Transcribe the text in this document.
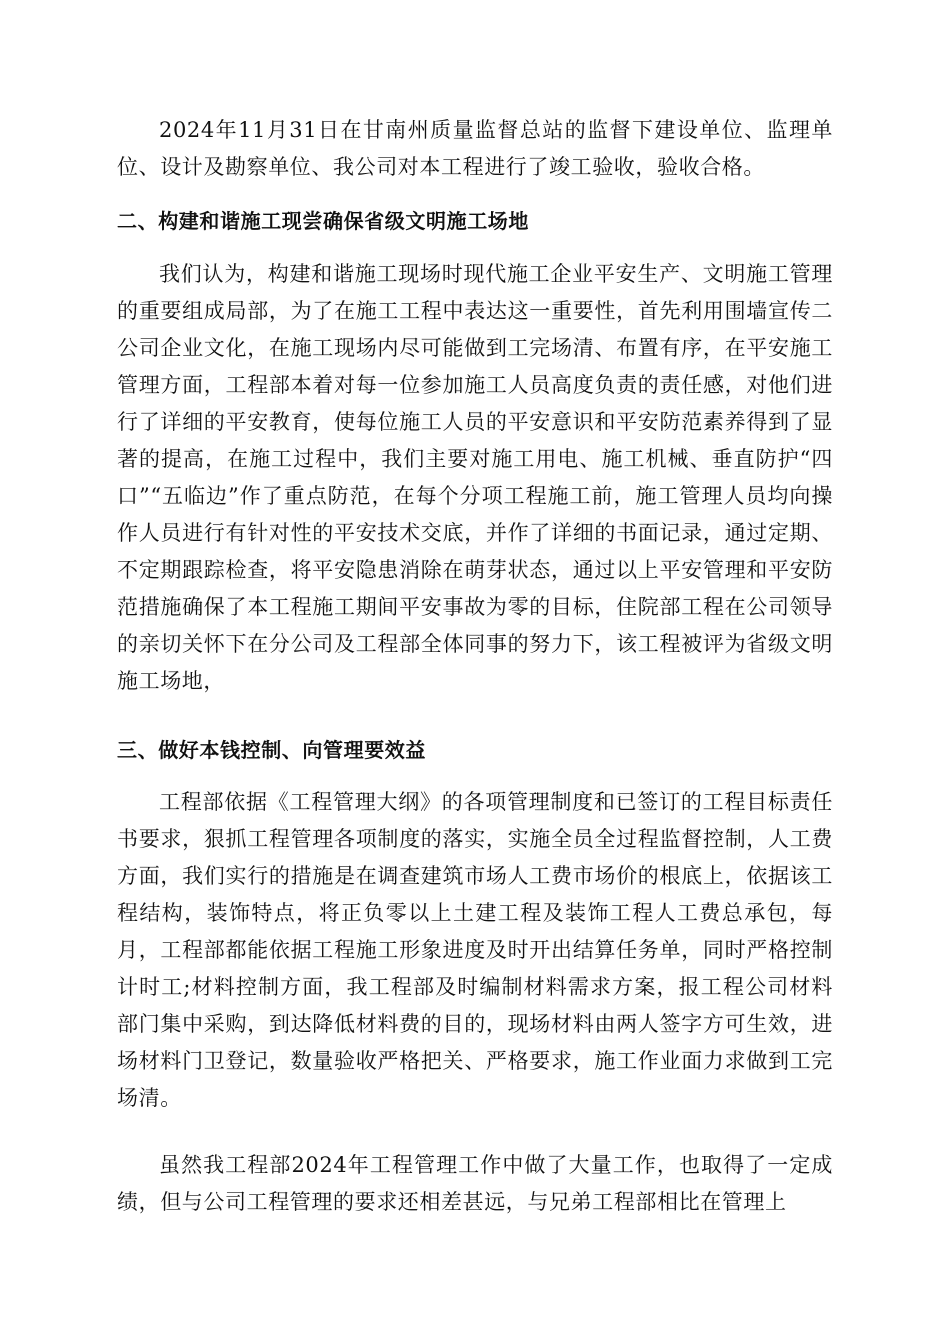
2024年11月31日在甘南州质量监督总站的监督下建设单位、监理单位、设计及勘察单位、我公司对本工程进行了竣工验收，验收合格。

二、构建和谐施工现尝确保省级文明施工场地

我们认为，构建和谐施工现场时现代施工企业平安生产、文明施工管理的重要组成局部，为了在施工工程中表达这一重要性，首先利用围墙宣传二公司企业文化，在施工现场内尽可能做到工完场清、布置有序，在平安施工管理方面，工程部本着对每一位参加施工人员高度负责的责任感，对他们进行了详细的平安教育，使每位施工人员的平安意识和平安防范素养得到了显著的提高，在施工过程中，我们主要对施工用电、施工机械、垂直防护“四口”“五临边”作了重点防范，在每个分项工程施工前，施工管理人员均向操作人员进行有针对性的平安技术交底，并作了详细的书面记录，通过定期、不定期跟踪检查，将平安隐患消除在萌芽状态，通过以上平安管理和平安防范措施确保了本工程施工期间平安事故为零的目标，住院部工程在公司领导的亲切关怀下在分公司及工程部全体同事的努力下，该工程被评为省级文明施工场地，

三、做好本钱控制、向管理要效益

工程部依据《工程管理大纲》的各项管理制度和已签订的工程目标责任书要求，狠抓工程管理各项制度的落实，实施全员全过程监督控制，人工费方面，我们实行的措施是在调查建筑市场人工费市场价的根底上，依据该工程结构，装饰特点，将正负零以上土建工程及装饰工程人工费总承包，每月，工程部都能依据工程施工形象进度及时开出结算任务单，同时严格控制计时工;材料控制方面，我工程部及时编制材料需求方案，报工程公司材料部门集中采购，到达降低材料费的目的，现场材料由两人签字方可生效，进场材料门卫登记，数量验收严格把关、严格要求，施工作业面力求做到工完场清。

虽然我工程部2024年工程管理工作中做了大量工作，也取得了一定成绩，但与公司工程管理的要求还相差甚远，与兄弟工程部相比在管理上
